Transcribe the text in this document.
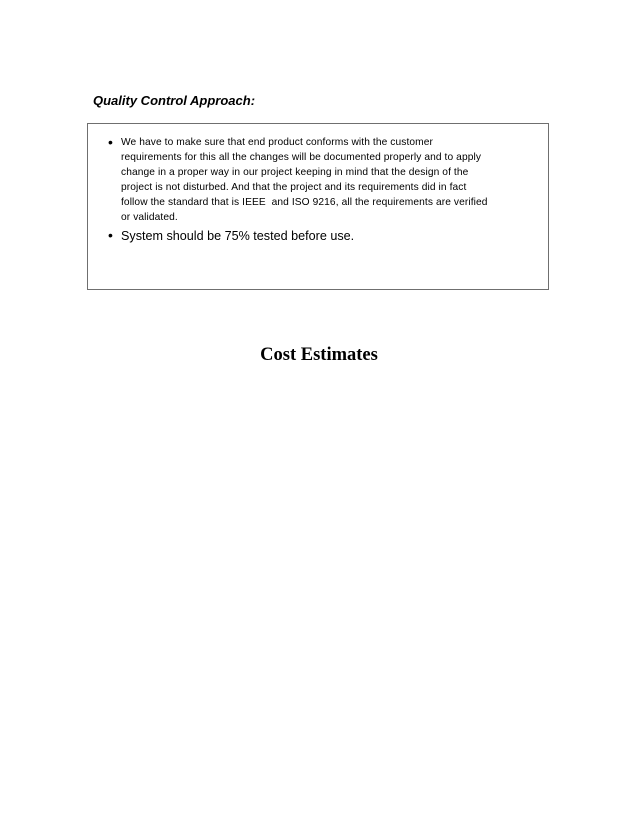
Quality Control Approach:
• We have to make sure that end product conforms with the customer
requirements for this all the changes will be documented properly and to apply
change in a proper way in our project keeping in mind that the design of the
project is not disturbed. And that the project and its requirements did in fact
follow the standard that is IEEE  and ISO 9216, all the requirements are verified
or validated.
• System should be 75% tested before use.
Cost Estimates
